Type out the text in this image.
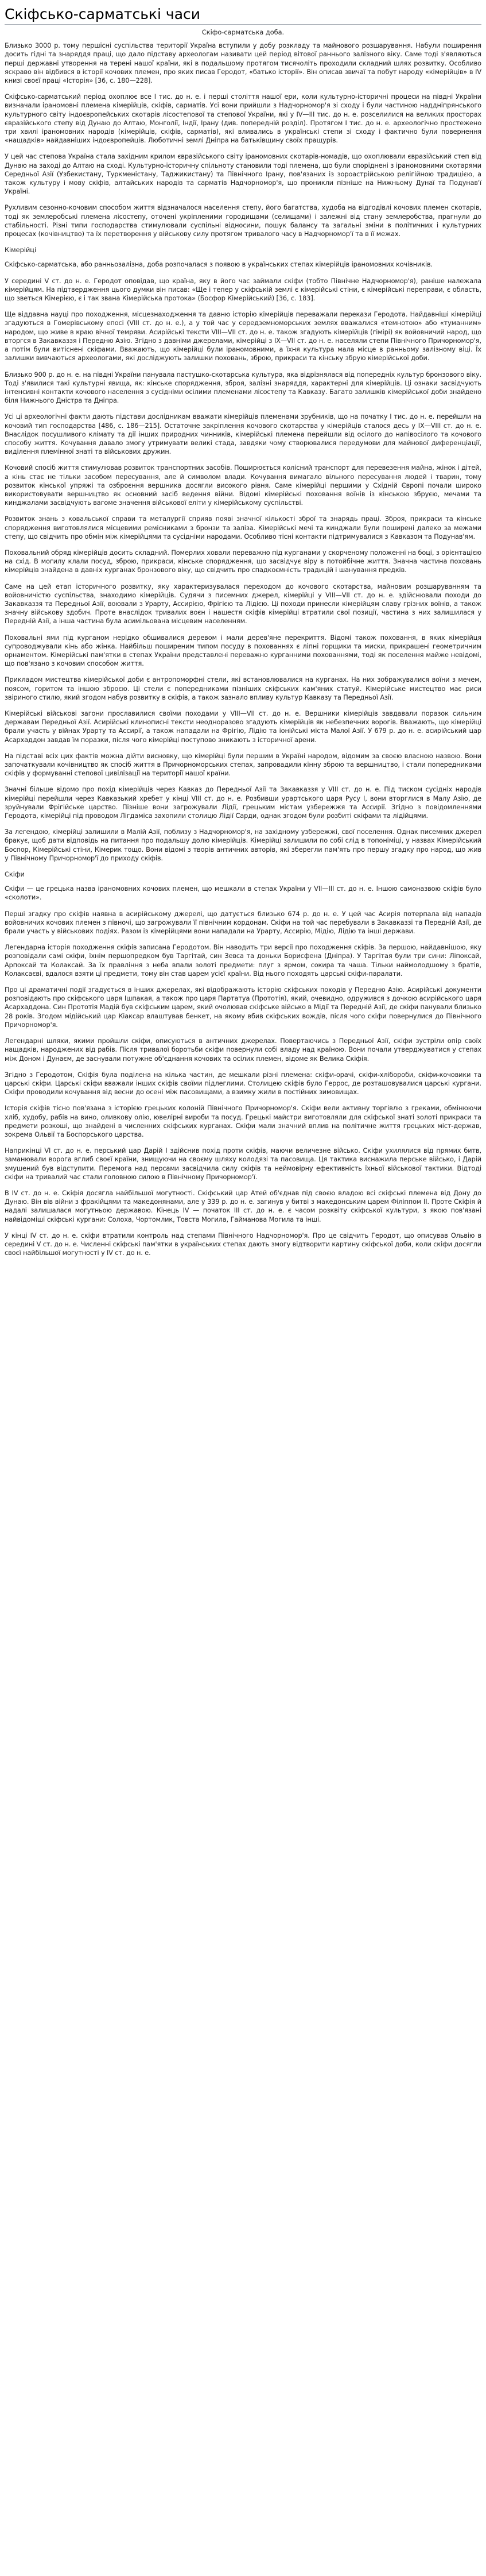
Скiфсько-сарматськi часи
Скiфо-сарматська доба.

Близько 3000 р. тому першiсні суспiльства територiї Україна вступили у добу розкладу та майнового розшарування. Набули поширення досить гiдні та знаряддя праці, що дало підставу археологам називати цей період вітової раннього залізного віку. Саме тоді з'являються перші державні утворення на терені нашої країни, які в подальшому протягом тисячоліть проходили складний шлях розвитку. Особливо яскраво він відбився в історії кочових племен, про яких писав Геродот, «батько історії». Він описав звичаї та побут народу «кімерійців» в IV книзі своєї праці «Історія» [36, с. 180—228].

Скiфсько-сарматський період охоплює все І тис. до н. е. і перші століття нашої ери, коли культурно-історичні процеси на півдні України визначали іраномовні племена кімерійців, скіфів, сарматів. Усі вони прийшли з Надчорномор'я зі сходу і були частиною наддніпрянського культурного світу індоєвропейських скотарів лісостепової та степової України, які у IV—III тис. до н. е. розселилися на великих просторах євразійського степу від Дунаю до Алтаю, Монголії, Індії, Ірану (див. попередній розділ). Протягом І тис. до н. е. археологічно простежено три хвилі іраномовних народів (кімерійців, скіфів, сарматів), які вливались в українські степи зі сходу і фактично були повернення «нащадків» найдавніших індоєвропейців. Люботичні землі Дніпра на батьківщину своїх пращурів.

У цей час степова Україна стала західним крилом євразійського світу іраномовних скотарів-номадів, що охоплювали євразійський степ від Дунаю на заході до Алтаю на сході. Культурно-історичну спільноту становили тоді племена, що були споріднені з іраномовними скотарями Середньої Азії (Узбекистану, Туркменістану, Таджикистану) та Північного Ірану, пов'язаних із зороастрійською релігійною традицією, а також культуру і мову скіфів, алтайських народів та сарматів Надчорномор'я, що проникли пізніше на Нижньому Дунаї та Подунав'ї Україні.

Рухливим сезонно-кочовим способом життя відзначалося населення степу, його багатства, худоба на відгодівлі кочових племен скотарів, тоді як землеробські племена лісостепу, оточені укріпленими городищами (селищами) і залежні від стану землеробства, прагнули до стабільності. Різні типи господарства стимулювали суспільні відносини, пошук балансу та загальні зміни в політичних і культурних процесах (кочівництво) та їх перетворення у військову силу протягом тривалого часу в Надчорномор'ї та в її межах.

Кімерійці

Скіфсько-сарматська, або ранньозалізна, доба розпочалася з появою в українських степах кімерійців іраномовних кочівників.

У середині V ст. до н. е. Геродот оповідав, що країна, яку в його час займали скіфи (тобто Північне Надчорномор'я), раніше належала кімерійцям. На підтвердження цього думки він писав: «Ще і тепер у скіфській землі є кімерійські стіни, є кімерійські переправи, є область, що зветься Кімерією, є і так звана Кімерійська протока» (Босфор Кімерійський) [36, с. 183].

Ще віддавна науці про походження, місцезнаходження та давню історію кімерійців переважали перекази Геродота. Найдавніші кімерійці згадуються в Гомерівському епосі (VIII ст. до н. е.), а у той час у середземноморських землях вважалися «темнотою» або «туманним» народом, що живе в краю вічної темряви. Асирійські тексти VIII—VII ст. до н. е. також згадують кімерійців (гімірі) як войовничий народ, що вторгся в Закавказзя і Передню Азію. Згідно з давніми джерелами, кімерійці з IX—VII ст. до н. е. населяли степи Північного Причорномор'я, а потім були витіснені скіфами. Вважають, що кімерійці були іраномовними, а їхня культура мала місце в ранньому залізному віці. Їх залишки вивчаються археологами, які досліджують залишки поховань, зброю, прикраси та кінську збрую кімерійської доби.

Близько 900 р. до н. е. на півдні України панувала пастушко-скотарська культура, яка відрізнялася від попередніх культур бронзового віку. Тоді з'явилися такі культурні явища, як: кінське спорядження, зброя, залізні знаряддя, характерні для кімерійців. Ці ознаки засвідчують інтенсивні контакти кочового населення з сусідніми осілими племенами лісостепу та Кавказу. Багато залишків кімерійської доби знайдено біля Нижнього Дністра та Дніпра.

Усі ці археологічні факти дають підстави дослідникам вважати кімерійців племенами зрубників, що на початку I тис. до н. е. перейшли на кочовий тип господарства [486, с. 186—215]. Остаточне закріплення кочового скотарства у кімерійців сталося десь у IX—VIII ст. до н. е. Внаслідок посушливого клімату та дії інших природних чинників, кімерійські племена перейшли від осілого до напівосілого та кочового способу життя. Кочування давало змогу утримувати великі стада, завдяки чому створювалися передумови для майнової диференціації, виділення племінної знаті та військових дружин.

Кочовий спосіб життя стимулював розвиток транспортних засобів. Поширюється колісний транспорт для перевезення майна, жінок і дітей, а кінь стає не тільки засобом пересування, але й символом влади. Кочування вимагало вільного пересування людей і тварин, тому розвиток кінської упряжі та озброєння вершника досягли високого рівня. Саме кімерійці першими у Східній Європі почали широко використовувати вершництво як основний засіб ведення війни. Відомі кімерійські поховання воїнів із кінською збруєю, мечами та кинджалами засвідчують вагоме значення військової еліти у кімерійському суспільстві.

Розвиток знань з ковальської справи та металургії сприяв появі значної кількості зброї та знарядь праці. Зброя, прикраси та кінське спорядження виготовлялися місцевими ремісниками з бронзи та заліза. Кімерійські мечі та кинджали були поширені далеко за межами степу, що свідчить про обмін між кімерійцями та сусідніми народами. Особливо тісні контакти підтримувалися з Кавказом та Подунав'ям.

Поховальний обряд кімерійців досить складний. Померлих ховали переважно під курганами у скорченому положенні на боці, з орієнтацією на схід. В могилу клали посуд, зброю, прикраси, кінське спорядження, що засвідчує віру в потойбічне життя. Значна частина поховань кімерійців знайдена в давніх курганах бронзового віку, що свідчить про спадкоємність традицій і шанування предків.

Саме на цей етап історичного розвитку, яку характеризувалася переходом до кочового скотарства, майновим розшаруванням та войовничістю суспільства, знаходимо кімерійців. Судячи з писемних джерел, кімерійці у VIII—VII ст. до н. е. здійснювали походи до Закавказзя та Передньої Азії, воювали з Урарту, Ассирією, Фрігією та Лідією. Ці походи принесли кімерійцям славу грізних воїнів, а також значну військову здобич. Проте внаслідок тривалих воєн і нашестя скіфів кімерійці втратили свої позиції, частина з них залишилася у Передній Азії, а інша частина була асимільована місцевим населенням.

Поховальні ями під курганом нерідко обшивалися деревом і мали дерев'яне перекриття. Відомі також поховання, в яких кімерійця супроводжували кінь або жінка. Найбільш поширеним типом посуду в похованнях є ліпні горщики та миски, прикрашені геометричним орнаментом. Кімерійські пам'ятки в степах України представлені переважно курганними похованнями, тоді як поселення майже невідомі, що пов'язано з кочовим способом життя.

Прикладом мистецтва кімерійської доби є антропоморфні стели, які встановлювалися на курганах. На них зображувалися воїни з мечем, поясом, горитом та іншою зброєю. Ці стели є попередниками пізніших скіфських кам'яних статуй. Кімерійське мистецтво має риси звіриного стилю, який згодом набув розвитку в скіфів, а також зазнало впливу культур Кавказу та Передньої Азії.

Кімерійські військові загони прославилися своїми походами у VIII—VII ст. до н. е. Вершники кімерійців завдавали поразок сильним державам Передньої Азії. Асирійські клинописні тексти неодноразово згадують кімерійців як небезпечних ворогів. Вважають, що кімерійці брали участь у війнах Урарту та Ассирії, а також нападали на Фрігію, Лідію та іонійські міста Малої Азії. У 679 р. до н. е. асирійський цар Асархаддон завдав їм поразки, після чого кімерійці поступово зникають з історичної арени.

На підставі всіх цих фактів можна дійти висновку, що кімерійці були першим в Україні народом, відомим за своєю власною назвою. Вони започаткували кочівництво як спосіб життя в Причорноморських степах, запровадили кінну зброю та вершництво, і стали попередниками скіфів у формуванні степової цивілізації на території нашої країни.

Значні більше відомо про похід кімерійців через Кавказ до Передньої Азії та Закавказзя у VIII ст. до н. е. Під тиском сусідніх народів кімерійці перейшли через Кавказький хребет у кінці VIII ст. до н. е. Розбивши урартського царя Русу І, вони вторглися в Малу Азію, де зруйнували Фрігійське царство. Пізніше вони загрожували Лідії, грецьким містам узбережжя та Ассирії. Згідно з повідомленнями Геродота, кімерійці під проводом Лігдаміса захопили столицю Лідії Сарди, однак згодом були розбиті скіфами та лідійцями.

За легендою, кімерійці залишили в Малій Азії, поблизу з Надчорномор'я, на західному узбережжі, свої поселення. Однак писемних джерел бракує, щоб дати відповідь на питання про подальшу долю кімерійців. Кімерійці залишили по собі слід в топоніміці, у назвах Кімерійський Боспор, Кімерійські стіни, Кімерик тощо. Вони відомі з творів античних авторів, які зберегли пам'ять про першу згадку про народ, що жив у Північному Причорномор'ї до приходу скіфів.

Скіфи

Скіфи — це грецька назва іраномовних кочових племен, що мешкали в степах України у VII—III ст. до н. е. Іншою самоназвою скіфів було «сколоти».

Перші згадку про скіфів наявна в асирійському джерелі, що датується близько 674 р. до н. е. У цей час Асирія потерпала від нападів войовничих кочових племен з півночі, що загрожували її північним кордонам. Скіфи на той час перебували в Закавказзі та Передній Азії, де брали участь у військових подіях. Разом із кімерійцями вони нападали на Урарту, Ассирію, Мідію, Лідію та інші держави.

Легендарна історія походження скіфів записана Геродотом. Він наводить три версії про походження скіфів. За першою, найдавнішою, яку розповідали самі скіфи, їхнім першопредком був Таргітай, син Зевса та доньки Борисфена (Дніпра). У Таргітая були три сини: Ліпоксай, Арпоксай та Колаксай. За їх правління з неба впали золоті предмети: плуг з ярмом, сокира та чаша. Тільки наймолодшому з братів, Колаксаєві, вдалося взяти ці предмети, тому він став царем усієї країни. Від нього походять царські скіфи-паралати.

Про ці драматичні події згадується в інших джерелах, які відображають історію скіфських походів у Передню Азію. Асирійські документи розповідають про скіфського царя Ішпакая, а також про царя Партатуа (Прототія), який, очевидно, одружився з дочкою асирійського царя Асархаддона. Син Прототія Мадій був скіфським царем, який очолював скіфське військо в Мідії та Передній Азії, де скіфи панували близько 28 років. Згодом мідійський цар Кіаксар влаштував бенкет, на якому вбив скіфських вождів, після чого скіфи повернулися до Північного Причорномор'я.

Легендарні шляхи, якими пройшли скіфи, описуються в античних джерелах. Повертаючись з Передньої Азії, скіфи зустріли опір своїх нащадків, народжених від рабів. Після тривалої боротьби скіфи повернули собі владу над країною. Вони почали утверджуватися у степах між Доном і Дунаєм, де заснували потужне об'єднання кочових та осілих племен, відоме як Велика Скіфія.

Згідно з Геродотом, Скіфія була поділена на кілька частин, де мешкали різні племена: скіфи-орачі, скіфи-хлібороби, скіфи-кочовики та царські скіфи. Царські скіфи вважали інших скіфів своїми підлеглими. Столицею скіфів було Геррос, де розташовувалися царські кургани. Скіфи проводили кочування від весни до осені між пасовищами, а взимку жили в постійних зимовищах.

Історія скіфів тісно пов'язана з історією грецьких колоній Північного Причорномор'я. Скіфи вели активну торгівлю з греками, обмінюючи хліб, худобу, рабів на вино, оливкову олію, ювелірні вироби та посуд. Грецькі майстри виготовляли для скіфської знаті золоті прикраси та предмети розкоші, що знайдені в численних скіфських курганах. Скіфи мали значний вплив на політичне життя грецьких міст-держав, зокрема Ольвії та Боспорського царства.

Наприкінці VI ст. до н. е. перський цар Дарій І здійснив похід проти скіфів, маючи величезне військо. Скіфи ухилялися від прямих битв, заманювали ворога вглиб своєї країни, знищуючи на своєму шляху колодязі та пасовища. Ця тактика виснажила перське військо, і Дарій змушений був відступити. Перемога над персами засвідчила силу скіфів та неймовірну ефективність їхньої військової тактики. Відтоді скіфи на тривалий час стали головною силою в Північному Причорномор'ї.

В IV ст. до н. е. Скіфія досягла найбільшої могутності. Скіфський цар Атей об'єднав під своєю владою всі скіфські племена від Дону до Дунаю. Він вів війни з фракійцями та македонянами, але у 339 р. до н. е. загинув у битві з македонським царем Філіппом ІІ. Проте Скіфія й надалі залишалася могутньою державою. Кінець IV — початок III ст. до н. е. є часом розквіту скіфської культури, з якою пов'язані найвідоміші скіфські кургани: Солоха, Чортомлик, Товста Могила, Гайманова Могила та інші.

У кінці IV ст. до н. е. скіфи втратили контроль над степами Північного Надчорномор'я. Про це свідчить Геродот, що описував Ольвію в середині V ст. до н. е. Численні скіфські пам'ятки в українських степах дають змогу відтворити картину скіфської доби, коли скіфи досягли своєї найбільшої могутності у IV ст. до н. е.
